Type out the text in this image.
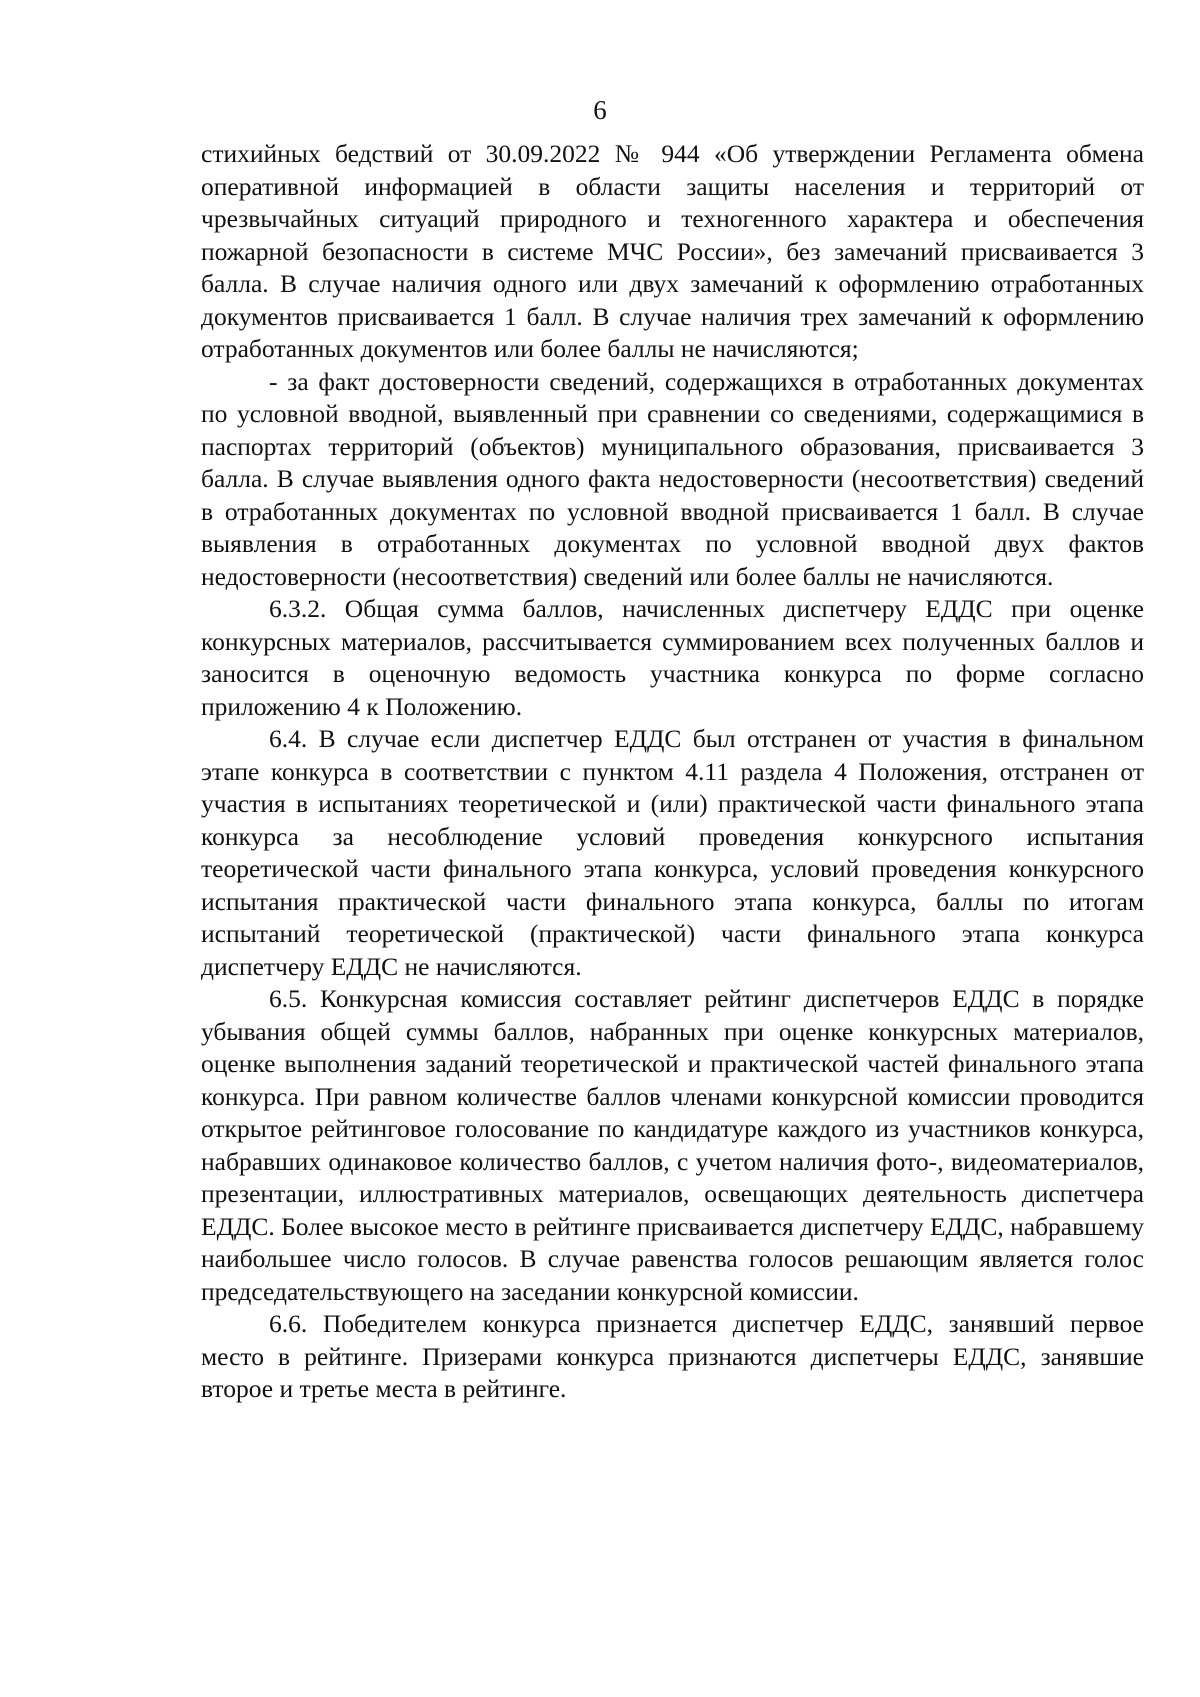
6

стихийных бедствий от 30.09.2022 № 944 «Об утверждении Регламента обмена оперативной информацией в области защиты населения и территорий от чрезвычайных ситуаций природного и техногенного характера и обеспечения пожарной безопасности в системе МЧС России», без замечаний присваивается 3 балла. В случае наличия одного или двух замечаний к оформлению отработанных документов присваивается 1 балл. В случае наличия трех замечаний к оформлению отработанных документов или более баллы не начисляются;

- за факт достоверности сведений, содержащихся в отработанных документах по условной вводной, выявленный при сравнении со сведениями, содержащимися в паспортах территорий (объектов) муниципального образования, присваивается 3 балла. В случае выявления одного факта недостоверности (несоответствия) сведений в отработанных документах по условной вводной присваивается 1 балл. В случае выявления в отработанных документах по условной вводной двух фактов недостоверности (несоответствия) сведений или более баллы не начисляются.

6.3.2. Общая сумма баллов, начисленных диспетчеру ЕДДС при оценке конкурсных материалов, рассчитывается суммированием всех полученных баллов и заносится в оценочную ведомость участника конкурса по форме согласно приложению 4 к Положению.

6.4. В случае если диспетчер ЕДДС был отстранен от участия в финальном этапе конкурса в соответствии с пунктом 4.11 раздела 4 Положения, отстранен от участия в испытаниях теоретической и (или) практической части финального этапа конкурса за несоблюдение условий проведения конкурсного испытания теоретической части финального этапа конкурса, условий проведения конкурсного испытания практической части финального этапа конкурса, баллы по итогам испытаний теоретической (практической) части финального этапа конкурса диспетчеру ЕДДС не начисляются.

6.5. Конкурсная комиссия составляет рейтинг диспетчеров ЕДДС в порядке убывания общей суммы баллов, набранных при оценке конкурсных материалов, оценке выполнения заданий теоретической и практической частей финального этапа конкурса. При равном количестве баллов членами конкурсной комиссии проводится открытое рейтинговое голосование по кандидатуре каждого из участников конкурса, набравших одинаковое количество баллов, с учетом наличия фото-, видеоматериалов, презентации, иллюстративных материалов, освещающих деятельность диспетчера ЕДДС. Более высокое место в рейтинге присваивается диспетчеру ЕДДС, набравшему наибольшее число голосов. В случае равенства голосов решающим является голос председательствующего на заседании конкурсной комиссии.

6.6. Победителем конкурса признается диспетчер ЕДДС, занявший первое место в рейтинге. Призерами конкурса признаются диспетчеры ЕДДС, занявшие второе и третье места в рейтинге.
